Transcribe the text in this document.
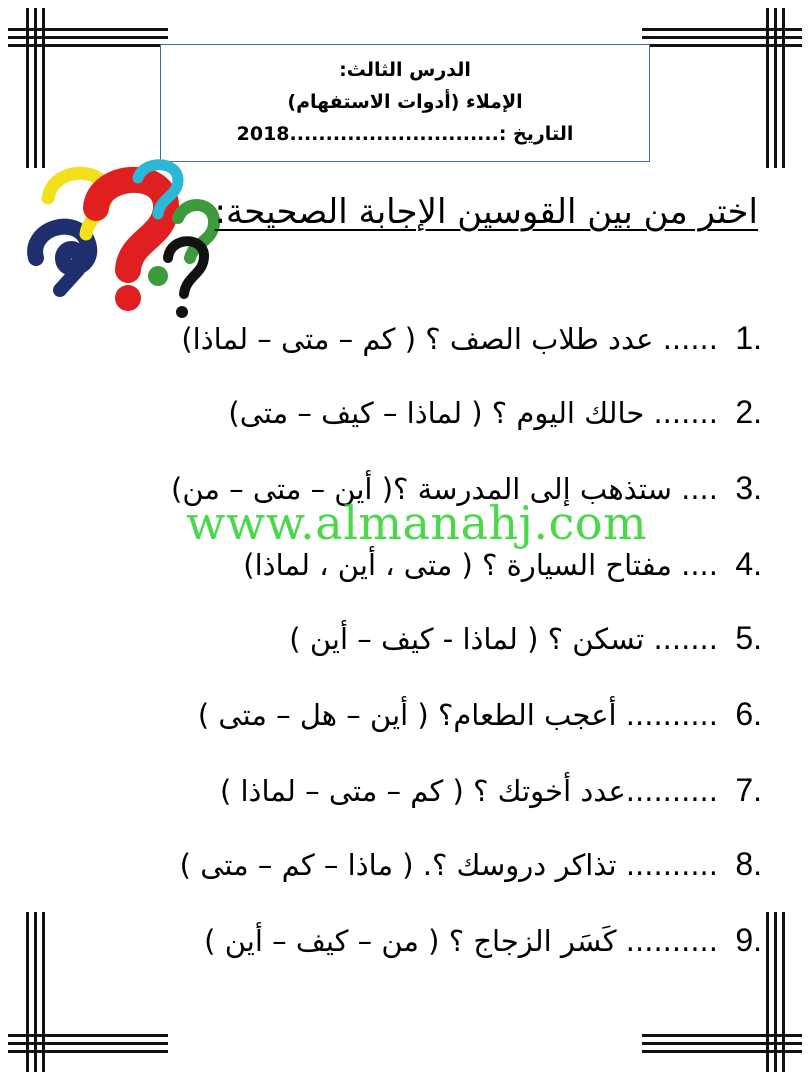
الدرس الثالث:
الإملاء (أدوات الاستفهام)
التاريخ :.............................2018
اختر من بين القوسين الإجابة الصحيحة:
1.
...... عدد طلاب الصف ؟ ( كم – متى – لماذا)
2.
....... حالك اليوم ؟ ( لماذا – كيف – متى)
3.
.... ستذهب إلى المدرسة ؟( أين – متى – من)
4.
.... مفتاح السيارة ؟ ( متى ، أين ، لماذا)
5.
....... تسكن ؟ ( لماذا - كيف – أين )
6.
.......... أعجب الطعام؟ ( أين – هل – متى )
7.
..........عدد أخوتك ؟ ( كم – متى – لماذا )
8.
.......... تذاكر دروسك ؟. ( ماذا – كم – متى )
9.
.......... كَسَر الزجاج ؟ ( من – كيف – أين )
www.almanahj.com
